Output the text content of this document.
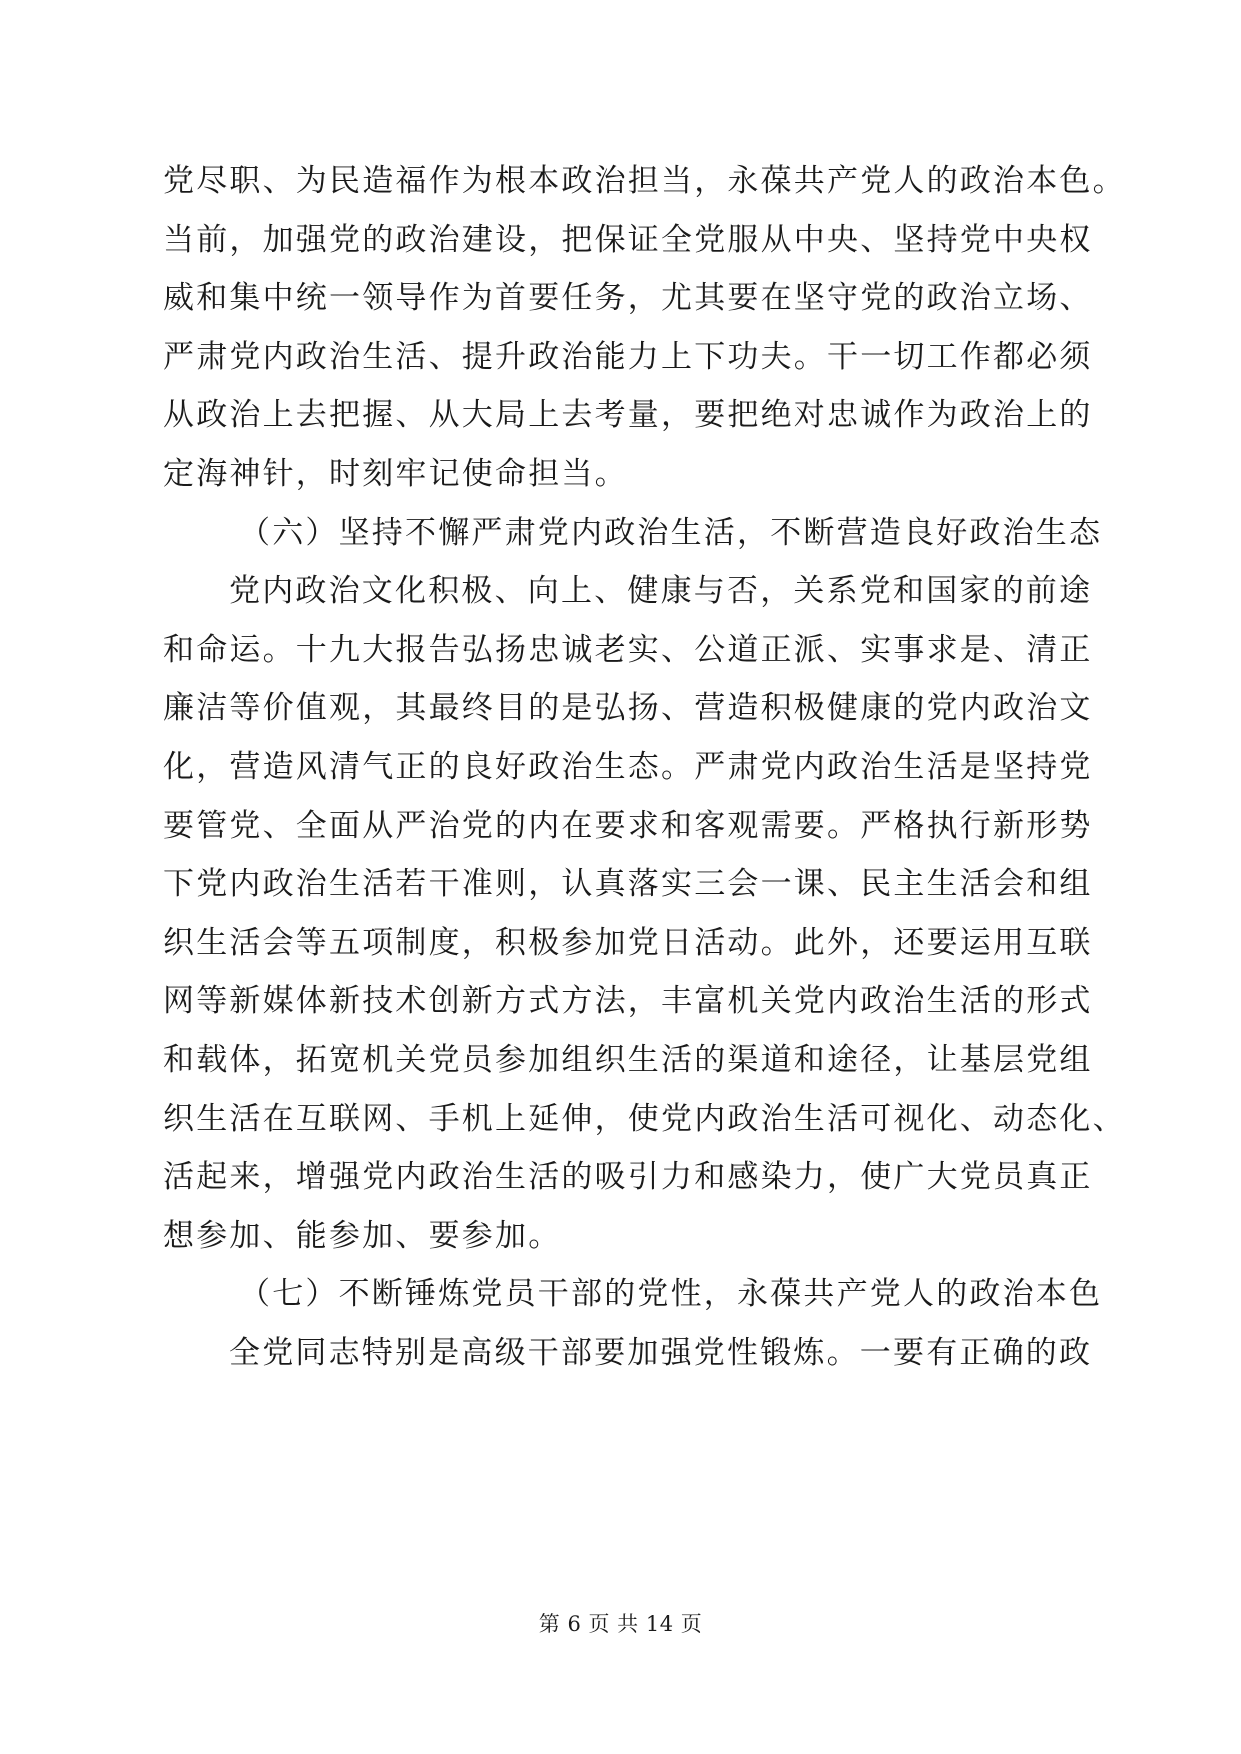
党尽职、为民造福作为根本政治担当，永葆共产党人的政治本色。
当前，加强党的政治建设，把保证全党服从中央、坚持党中央权
威和集中统一领导作为首要任务，尤其要在坚守党的政治立场、
严肃党内政治生活、提升政治能力上下功夫。干一切工作都必须
从政治上去把握、从大局上去考量，要把绝对忠诚作为政治上的
定海神针，时刻牢记使命担当。
（六）坚持不懈严肃党内政治生活，不断营造良好政治生态
党内政治文化积极、向上、健康与否，关系党和国家的前途
和命运。十九大报告弘扬忠诚老实、公道正派、实事求是、清正
廉洁等价值观，其最终目的是弘扬、营造积极健康的党内政治文
化，营造风清气正的良好政治生态。严肃党内政治生活是坚持党
要管党、全面从严治党的内在要求和客观需要。严格执行新形势
下党内政治生活若干准则，认真落实三会一课、民主生活会和组
织生活会等五项制度，积极参加党日活动。此外，还要运用互联
网等新媒体新技术创新方式方法，丰富机关党内政治生活的形式
和载体，拓宽机关党员参加组织生活的渠道和途径，让基层党组
织生活在互联网、手机上延伸，使党内政治生活可视化、动态化、
活起来，增强党内政治生活的吸引力和感染力，使广大党员真正
想参加、能参加、要参加。
（七）不断锤炼党员干部的党性，永葆共产党人的政治本色
全党同志特别是高级干部要加强党性锻炼。一要有正确的政
第 6 页 共 14 页
